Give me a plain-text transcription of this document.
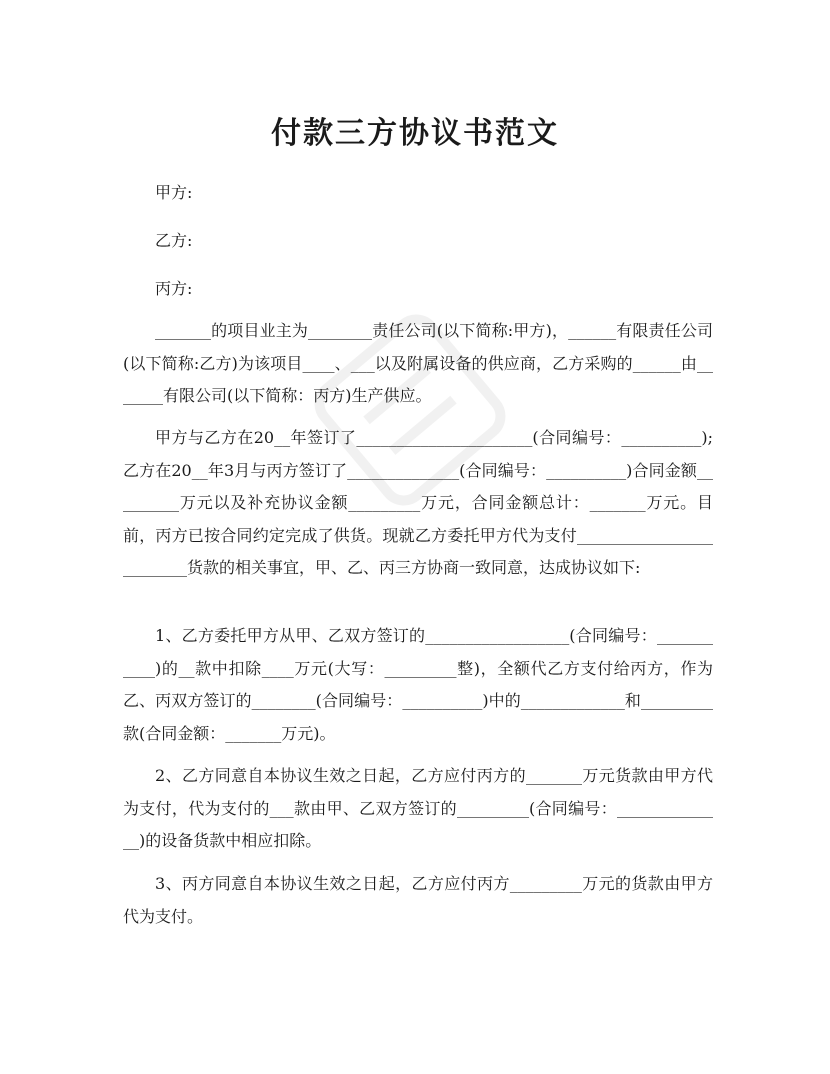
付款三方协议书范文
甲方:
乙方:
丙方:
_______的项目业主为________责任公司(以下简称:甲方)，______有限责任公司(以下简称:乙方)为该项目____、___以及附属设备的供应商，乙方采购的______由_______有限公司(以下简称：丙方)生产供应。
甲方与乙方在20__年签订了______________________(合同编号：__________);乙方在20__年3月与丙方签订了______________(合同编号：__________)合同金额_________万元以及补充协议金额_________万元，合同金额总计：_______万元。目前，丙方已按合同约定完成了供货。现就乙方委托甲方代为支付_________________________货款的相关事宜，甲、乙、丙三方协商一致同意，达成协议如下:
1、乙方委托甲方从甲、乙双方签订的__________________(合同编号：___________)的__款中扣除____万元(大写：_________整)，全额代乙方支付给丙方，作为乙、丙双方签订的________(合同编号：__________)中的_____________和_________款(合同金额：_______万元)。
2、乙方同意自本协议生效之日起，乙方应付丙方的_______万元货款由甲方代为支付，代为支付的___款由甲、乙双方签订的_________(合同编号：______________)的设备货款中相应扣除。
3、丙方同意自本协议生效之日起，乙方应付丙方_________万元的货款由甲方代为支付。
